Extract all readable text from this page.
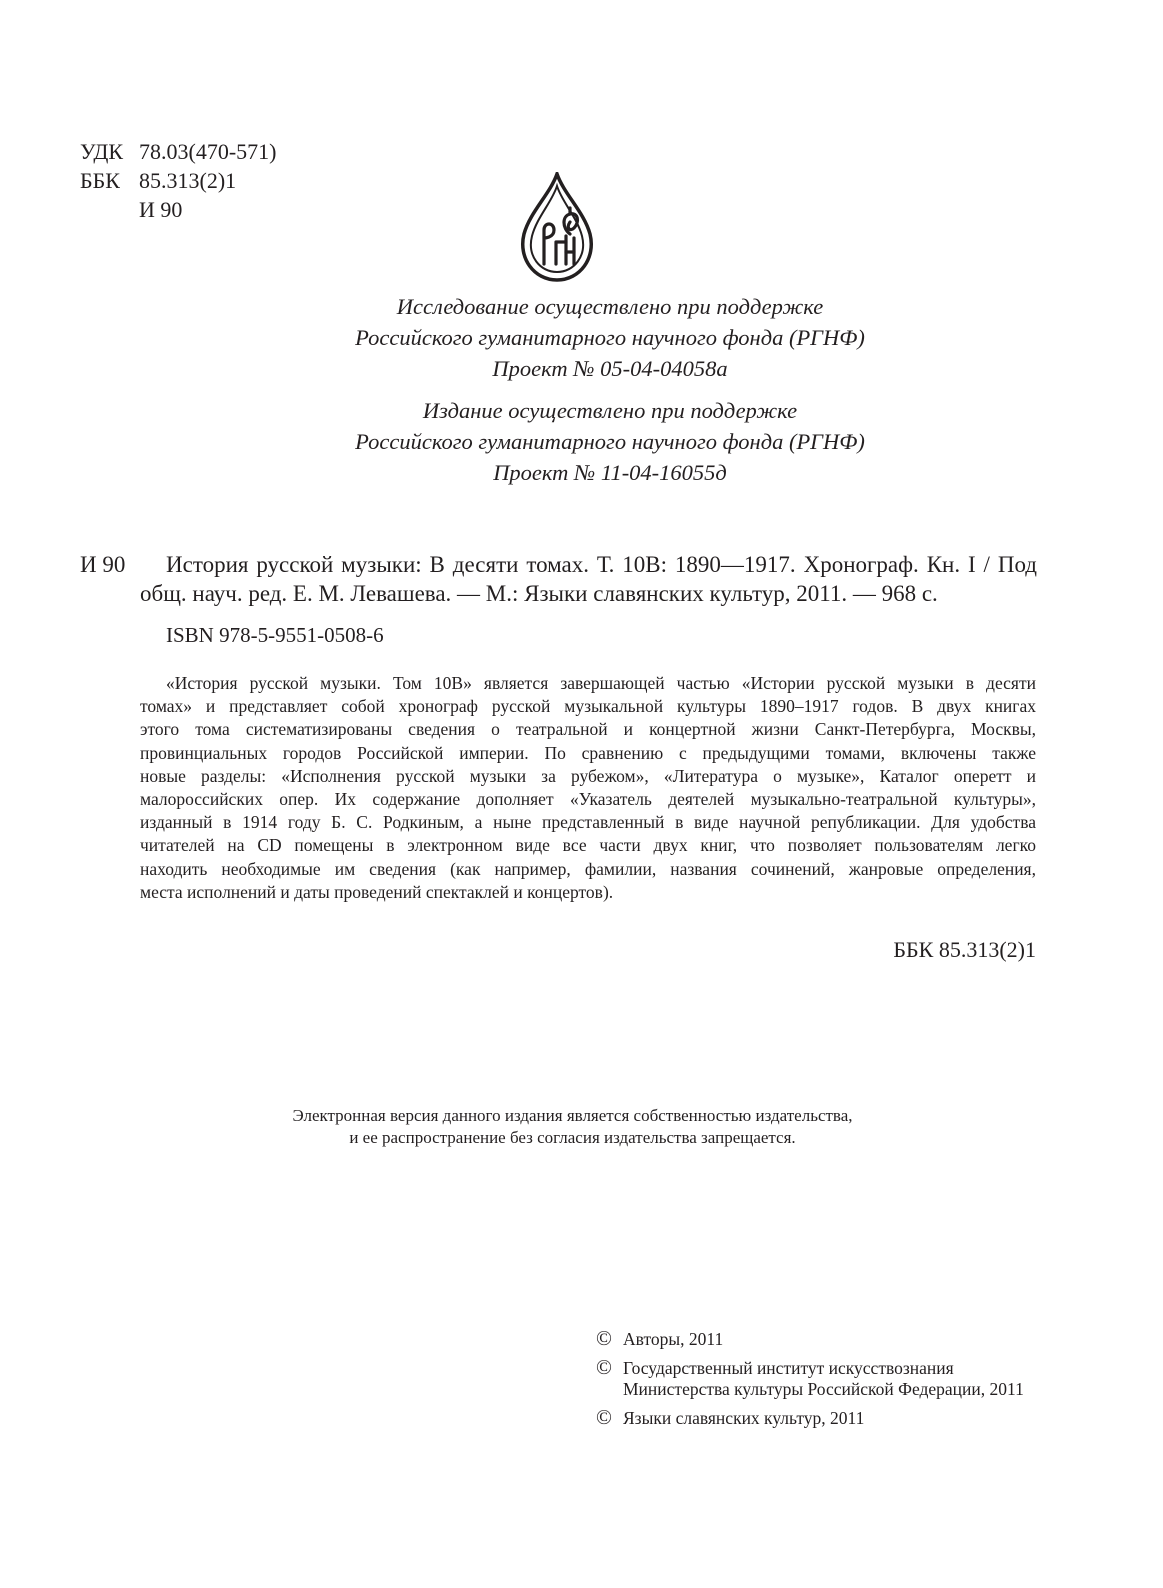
УДК 78.03(470-571)
ББК 85.313(2)1
И 90
Исследование осуществлено при поддержке
Российского гуманитарного научного фонда (РГНФ)
Проект № 05-04-04058а
Издание осуществлено при поддержке
Российского гуманитарного научного фонда (РГНФ)
Проект № 11-04-16055д
И 90 История русской музыки: В десяти томах. Т. 10В: 1890—1917. Хронограф. Кн. I / Под
общ. науч. ред. Е. М. Левашева. — М.: Языки славянских культур, 2011. — 968 с.
ISBN 978-5-9551-0508-6
«История русской музыки. Том 10В» является завершающей частью «Истории русской музыки в десяти
томах» и представляет собой хронограф русской музыкальной культуры 1890–1917 годов. В двух книгах
этого тома систематизированы сведения о театральной и концертной жизни Санкт-Петербурга, Москвы,
провинциальных городов Российской империи. По сравнению с предыдущими томами, включены также
новые разделы: «Исполнения русской музыки за рубежом», «Литература о музыке», Каталог оперетт и
малороссийских опер. Их содержание дополняет «Указатель деятелей музыкально-театральной культуры»,
изданный в 1914 году Б. С. Родкиным, а ныне представленный в виде научной републикации. Для удобства
читателей на CD помещены в электронном виде все части двух книг, что позволяет пользователям легко
находить необходимые им сведения (как например, фамилии, названия сочинений, жанровые определения,
места исполнений и даты проведений спектаклей и концертов).
ББК 85.313(2)1
Электронная версия данного издания является собственностью издательства,
и ее распространение без согласия издательства запрещается.
© Авторы, 2011
© Государственный институт искусствознания
Министерства культуры Российской Федерации, 2011
© Языки славянских культур, 2011
